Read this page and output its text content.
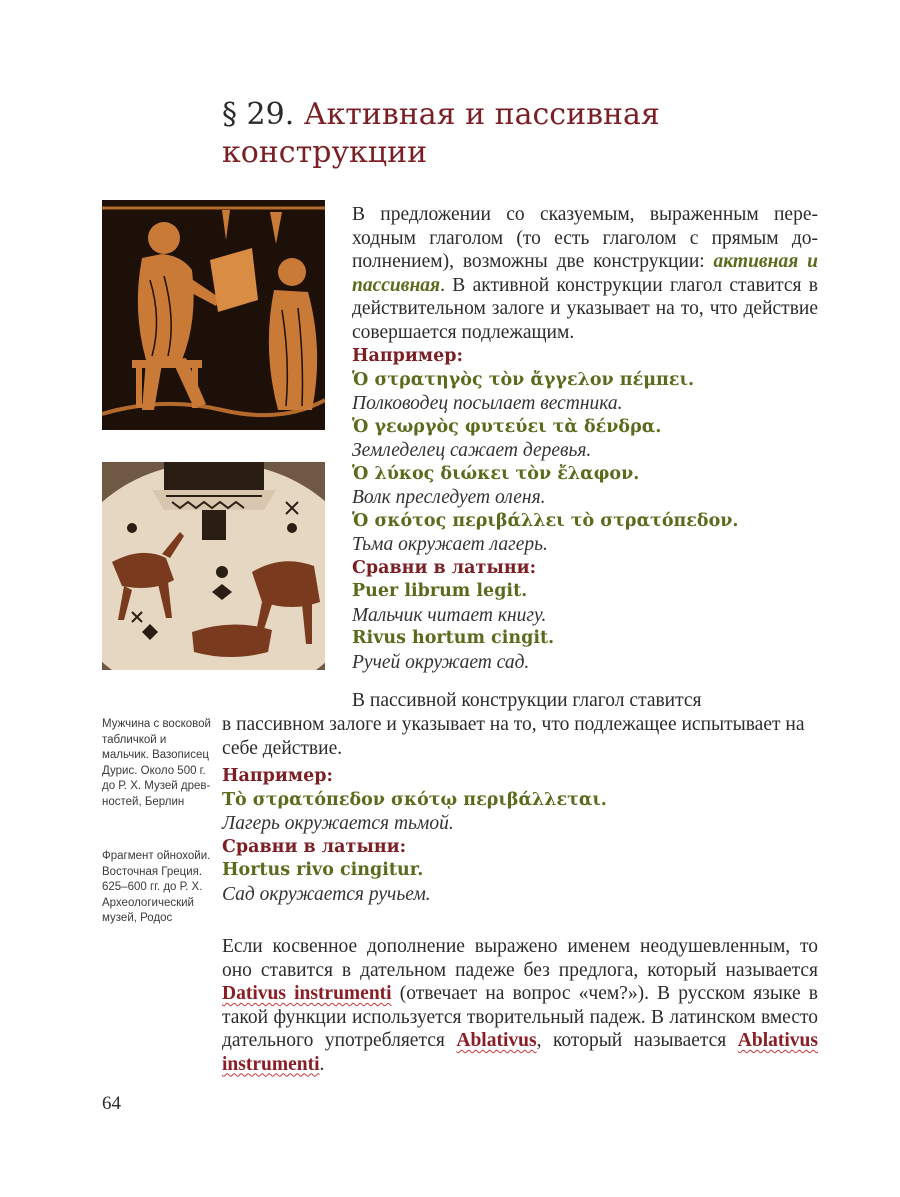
§ 29. Активная и пассивная
конструкции
Мужчина с восковой табличкой и мальчик. Вазописец Дурис. Около 500 г. до Р. Х. Музей древностей, Берлин
Фрагмент ойнохойи. Восточная Греция. 625–600 гг. до Р. Х. Археологический музей, Родос
В предложении со сказуемым, выраженным переходным глаголом (то есть глаголом с прямым дополнением), возможны две конструкции: активная и пассивная. В активной конструкции глагол ставится в действительном залоге и указывает на то, что действие совершается подлежащим.
Например:
Ὁ στρατηγὸς τὸν ἄγγελον πέμπει.
Полководец посылает вестника.
Ὁ γεωργὸς φυτεύει τὰ δένδρα.
Земледелец сажает деревья.
Ὁ λύκος διώκει τὸν ἔλαφον.
Волк преследует оленя.
Ὁ σκότος περιβάλλει τὸ στρατόπεδον.
Тьма окружает лагерь.
Сравни в латыни:
Puer librum legit.
Мальчик читает книгу.
Rivus hortum cingit.
Ручей окружает сад.
В пассивной конструкции глагол ставится
в пассивном залоге и указывает на то, что подлежащее испытывает на себе действие.
Например:
Τὸ στρατόπεδον σκότῳ περιβάλλεται.
Лагерь окружается тьмой.
Сравни в латыни:
Hortus rivo cingitur.
Сад окружается ручьем.
Если косвенное дополнение выражено именем неодушевленным, то оно ставится в дательном падеже без предлога, который называется Dativus instrumenti (отвечает на вопрос «чем?»). В русском языке в такой функции используется творительный падеж. В латинском вместо дательного употребляется Ablativus, который называется Ablativus instrumenti.
64
